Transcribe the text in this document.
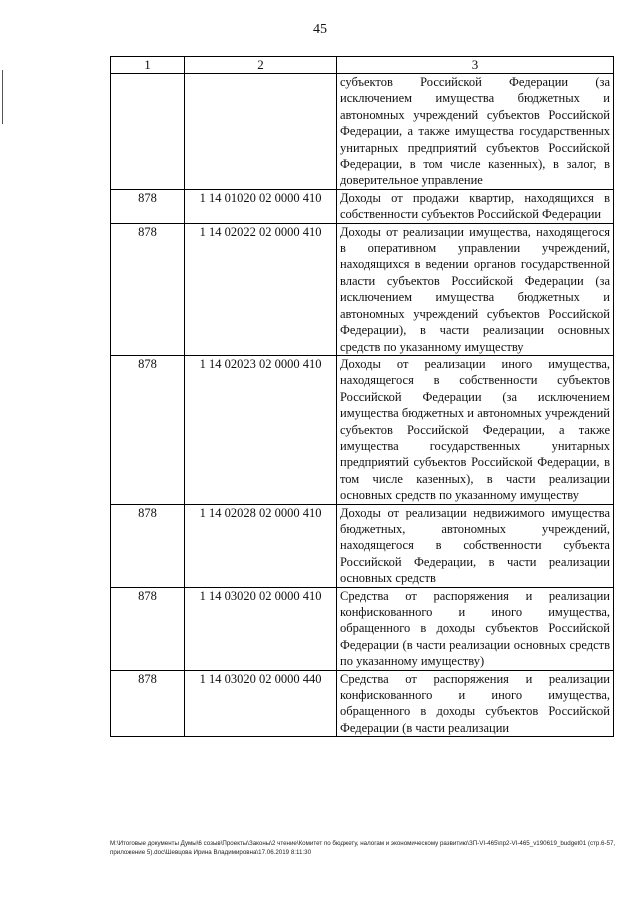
45
1	2	3
		субъектов Российской Федерации (за исключением имущества бюджетных и автономных учреждений субъектов Российской Федерации, а также имущества государственных унитарных предприятий субъектов Российской Федерации, в том числе казенных), в залог, в доверительное управление
878	1 14 01020 02 0000 410	Доходы от продажи квартир, находящихся в собственности субъектов Российской Федерации
878	1 14 02022 02 0000 410	Доходы от реализации имущества, находящегося в оперативном управлении учреждений, находящихся в ведении органов государственной власти субъектов Российской Федерации (за исключением имущества бюджетных и автономных учреждений субъектов Российской Федерации), в части реализации основных средств по указанному имуществу
878	1 14 02023 02 0000 410	Доходы от реализации иного имущества, находящегося в собственности субъектов Российской Федерации (за исключением имущества бюджетных и автономных учреждений субъектов Российской Федерации, а также имущества государственных унитарных предприятий субъектов Российской Федерации, в том числе казенных), в части реализации основных средств по указанному имуществу
878	1 14 02028 02 0000 410	Доходы от реализации недвижимого имущества бюджетных, автономных учреждений, находящегося в собственности субъекта Российской Федерации, в части реализации основных средств
878	1 14 03020 02 0000 410	Средства от распоряжения и реализации конфискованного и иного имущества, обращенного в доходы субъектов Российской Федерации (в части реализации основных средств по указанному имуществу)
878	1 14 03020 02 0000 440	Средства от распоряжения и реализации конфискованного и иного имущества, обращенного в доходы субъектов Российской Федерации (в части реализации
M:\Итоговые документы Думы\6 созыв\Проекты\Законы\2 чтение\Комитет по бюджету, налогам и экономическому развитию\ЗП-VI-465\пр2-VI-465_v190619_budget01 (стр.6-57, приложение 5).doc\Шевцова Ирина Владимировна\17.06.2019 8:11:30
